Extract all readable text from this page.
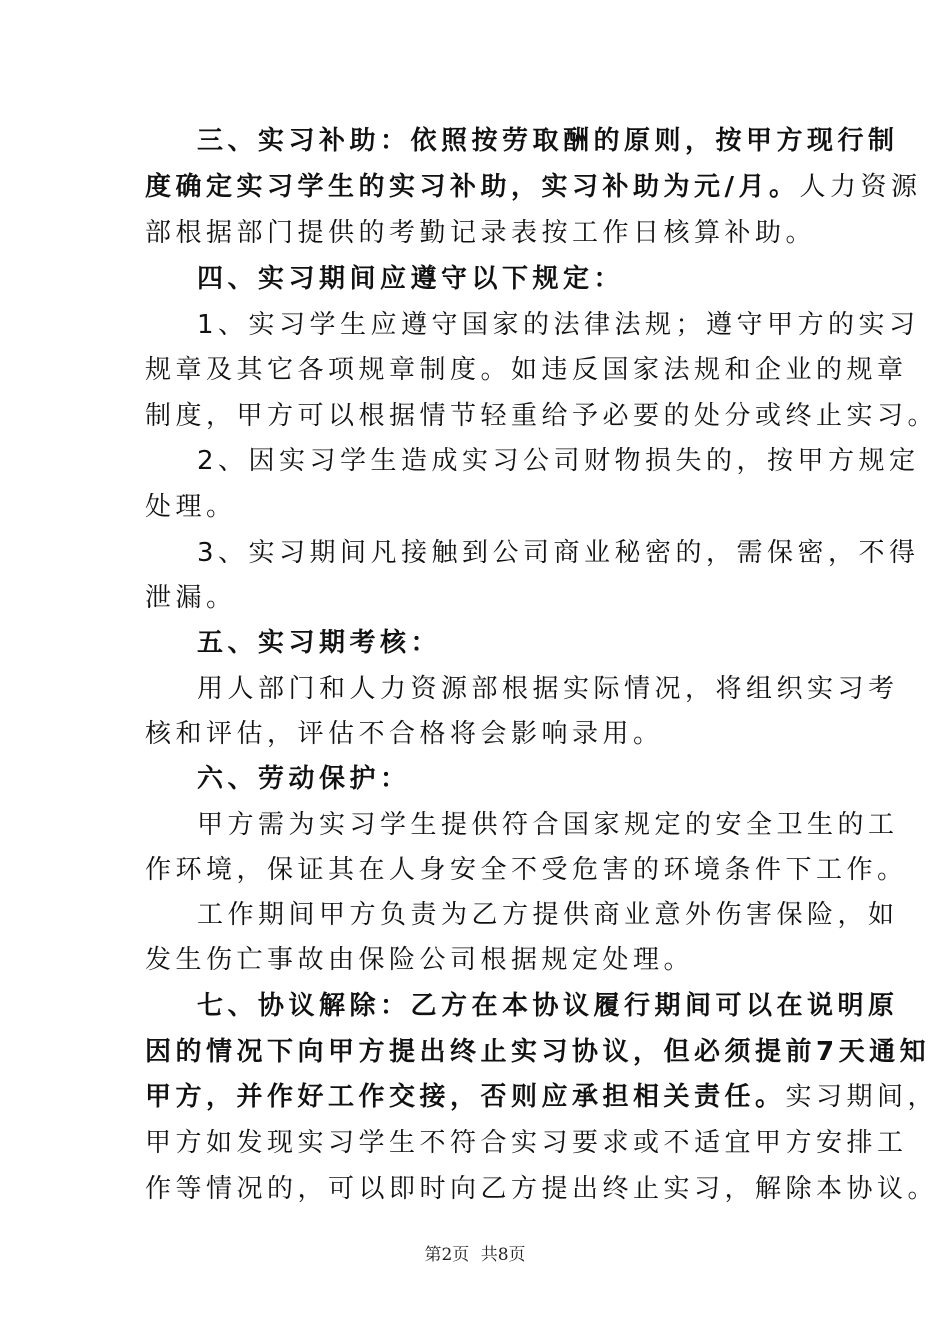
三、实习补助：依照按劳取酬的原则，按甲方现行制
度确定实习学生的实习补助，实习补助为元/月。人力资源
部根据部门提供的考勤记录表按工作日核算补助。
四、实习期间应遵守以下规定：
1、实习学生应遵守国家的法律法规；遵守甲方的实习
规章及其它各项规章制度。如违反国家法规和企业的规章
制度，甲方可以根据情节轻重给予必要的处分或终止实习。
2、因实习学生造成实习公司财物损失的，按甲方规定
处理。
3、实习期间凡接触到公司商业秘密的，需保密，不得
泄漏。
五、实习期考核：
用人部门和人力资源部根据实际情况，将组织实习考
核和评估，评估不合格将会影响录用。
六、劳动保护：
甲方需为实习学生提供符合国家规定的安全卫生的工
作环境，保证其在人身安全不受危害的环境条件下工作。
工作期间甲方负责为乙方提供商业意外伤害保险，如
发生伤亡事故由保险公司根据规定处理。
七、协议解除：乙方在本协议履行期间可以在说明原
因的情况下向甲方提出终止实习协议，但必须提前7天通知
甲方，并作好工作交接，否则应承担相关责任。实习期间，
甲方如发现实习学生不符合实习要求或不适宜甲方安排工
作等情况的，可以即时向乙方提出终止实习，解除本协议。
第2页 共8页
